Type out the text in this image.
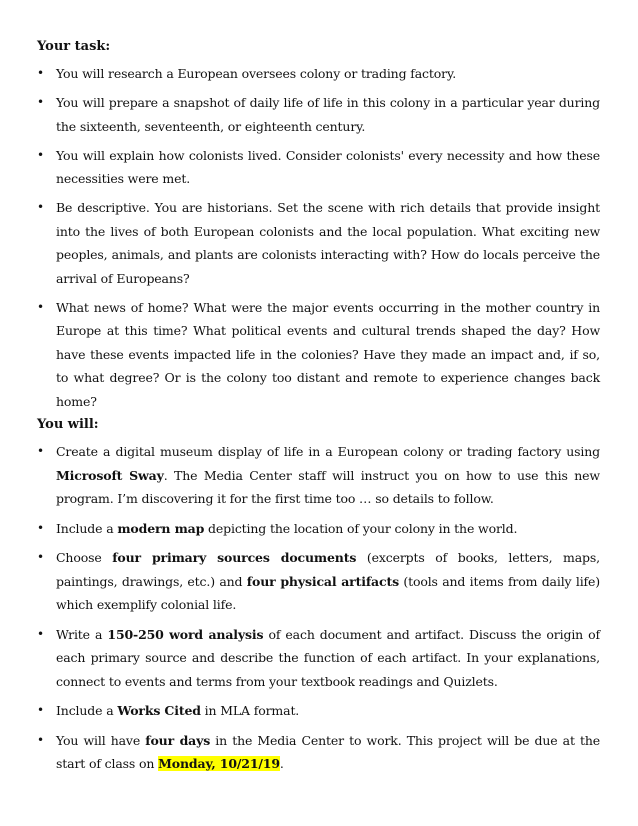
Your task:
• You will research a European oversees colony or trading factory.
• You will prepare a snapshot of daily life of life in this colony in a particular year during the sixteenth, seventeenth, or eighteenth century.
• You will explain how colonists lived. Consider colonists' every necessity and how these necessities were met.
• Be descriptive. You are historians. Set the scene with rich details that provide insight into the lives of both European colonists and the local population. What exciting new peoples, animals, and plants are colonists interacting with? How do locals perceive the arrival of Europeans?
• What news of home? What were the major events occurring in the mother country in Europe at this time? What political events and cultural trends shaped the day? How have these events impacted life in the colonies? Have they made an impact and, if so, to what degree? Or is the colony too distant and remote to experience changes back home?
You will:
• Create a digital museum display of life in a European colony or trading factory using Microsoft Sway. The Media Center staff will instruct you on how to use this new program. I’m discovering it for the first time too … so details to follow.
• Include a modern map depicting the location of your colony in the world.
• Choose four primary sources documents (excerpts of books, letters, maps, paintings, drawings, etc.) and four physical artifacts (tools and items from daily life) which exemplify colonial life.
• Write a 150-250 word analysis of each document and artifact. Discuss the origin of each primary source and describe the function of each artifact. In your explanations, connect to events and terms from your textbook readings and Quizlets.
• Include a Works Cited in MLA format.
• You will have four days in the Media Center to work. This project will be due at the start of class on Monday, 10/21/19.
